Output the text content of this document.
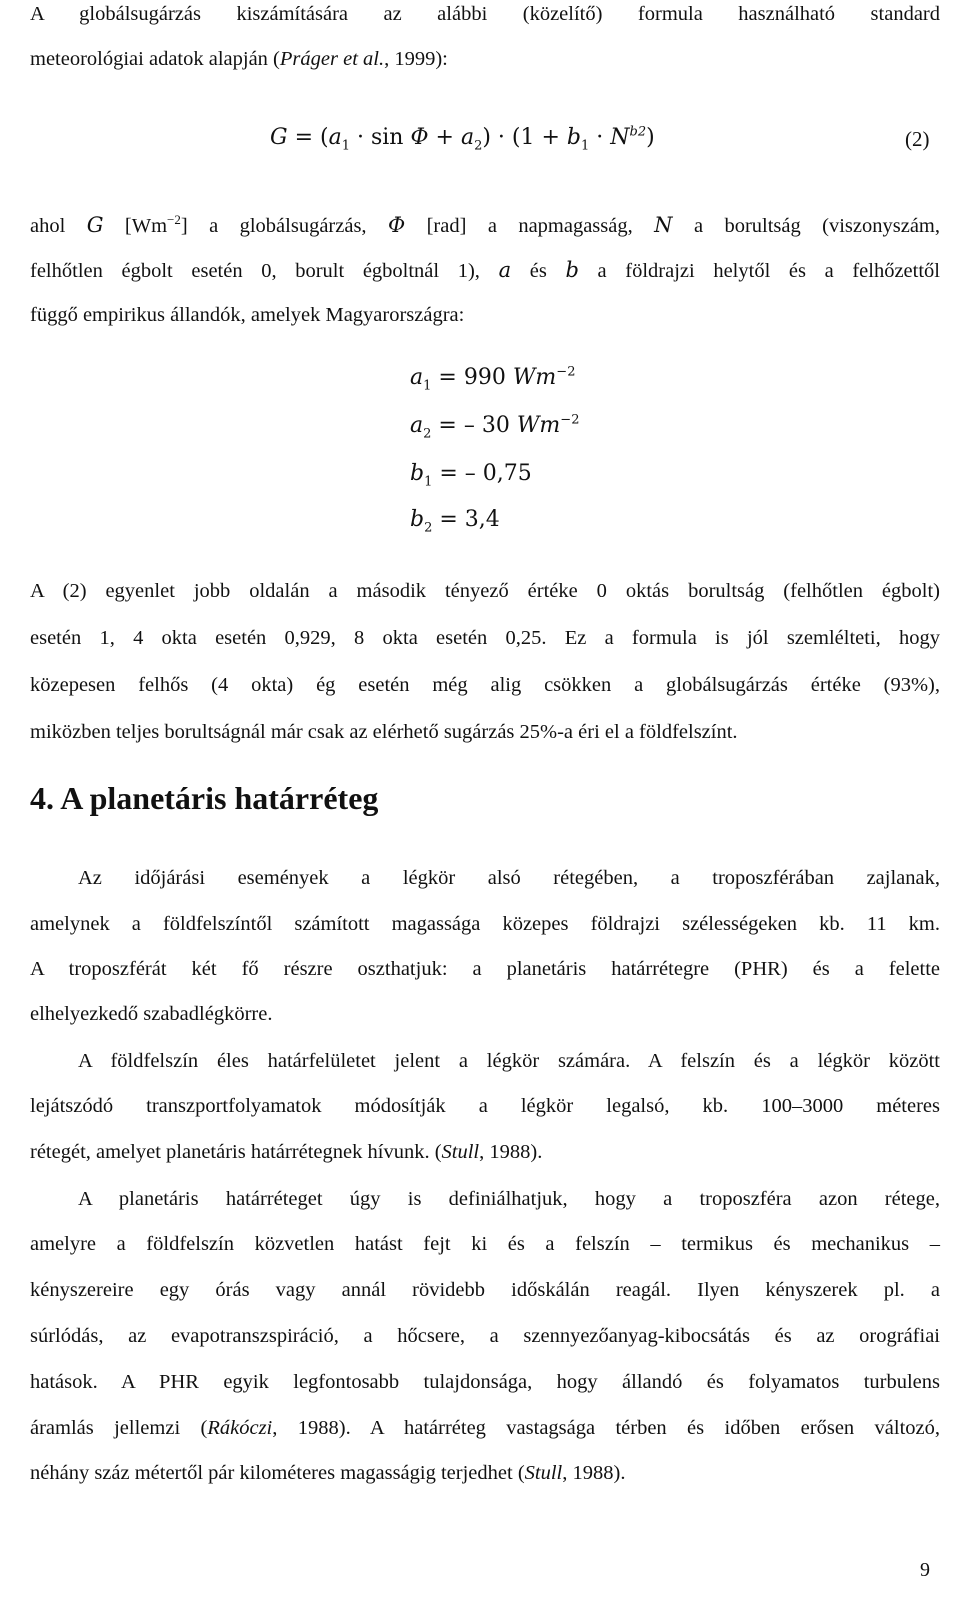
A globálsugárzás kiszámítására az alábbi (közelítő) formula használható standard
meteorológiai adatok alapján (Práger et al., 1999):
$G = (a_1 \cdot \sin \Phi + a_2) \cdot (1 + b_1 \cdot N^{b2})$	(2)
ahol G $[Wm^{-2}]$ a globálsugárzás, Φ [rad] a napmagasság, N a borultság (viszonyszám,
felhőtlen égbolt esetén 0, borult égboltnál 1), a és b a földrajzi helytől és a felhőzettől
függő empirikus állandók, amelyek Magyarországra:
$a_1 = 990$ $Wm^{-2}$
$a_2$ = – 30 $Wm^{-2}$
$b_1$ = – 0,75
$b_2 = 3,4$
A (2) egyenlet jobb oldalán a második tényező értéke 0 oktás borultság (felhőtlen égbolt)
esetén 1, 4 okta esetén 0,929, 8 okta esetén 0,25. Ez a formula is jól szemlélteti, hogy
közepesen felhős (4 okta) ég esetén még alig csökken a globálsugárzás értéke (93%),
miközben teljes borultságnál már csak az elérhető sugárzás 25%-a éri el a földfelszínt.
4. A planetáris határréteg
Az időjárási események a légkör alsó rétegében, a troposzférában zajlanak,
amelynek a földfelszíntől számított magassága közepes földrajzi szélességeken kb. 11 km.
A troposzférát két fő részre oszthatjuk: a planetáris határrétegre (PHR) és a felette
elhelyezkedő szabadlégkörre.
A földfelszín éles határfelületet jelent a légkör számára. A felszín és a légkör között
lejátszódó transzportfolyamatok módosítják a légkör legalsó, kb. 100–3000 méteres
rétegét, amelyet planetáris határrétegnek hívunk. (Stull, 1988).
A planetáris határréteget úgy is definiálhatjuk, hogy a troposzféra azon rétege,
amelyre a földfelszín közvetlen hatást fejt ki és a felszín – termikus és mechanikus –
kényszereire egy órás vagy annál rövidebb időskálán reagál. Ilyen kényszerek pl. a
súrlódás, az evapotranszspiráció, a hőcsere, a szennyezőanyag-kibocsátás és az orográfiai
hatások. A PHR egyik legfontosabb tulajdonsága, hogy állandó és folyamatos turbulens
áramlás jellemzi (Rákóczi, 1988). A határréteg vastagsága térben és időben erősen változó,
néhány száz métertől pár kilométeres magasságig terjedhet (Stull, 1988).
9
